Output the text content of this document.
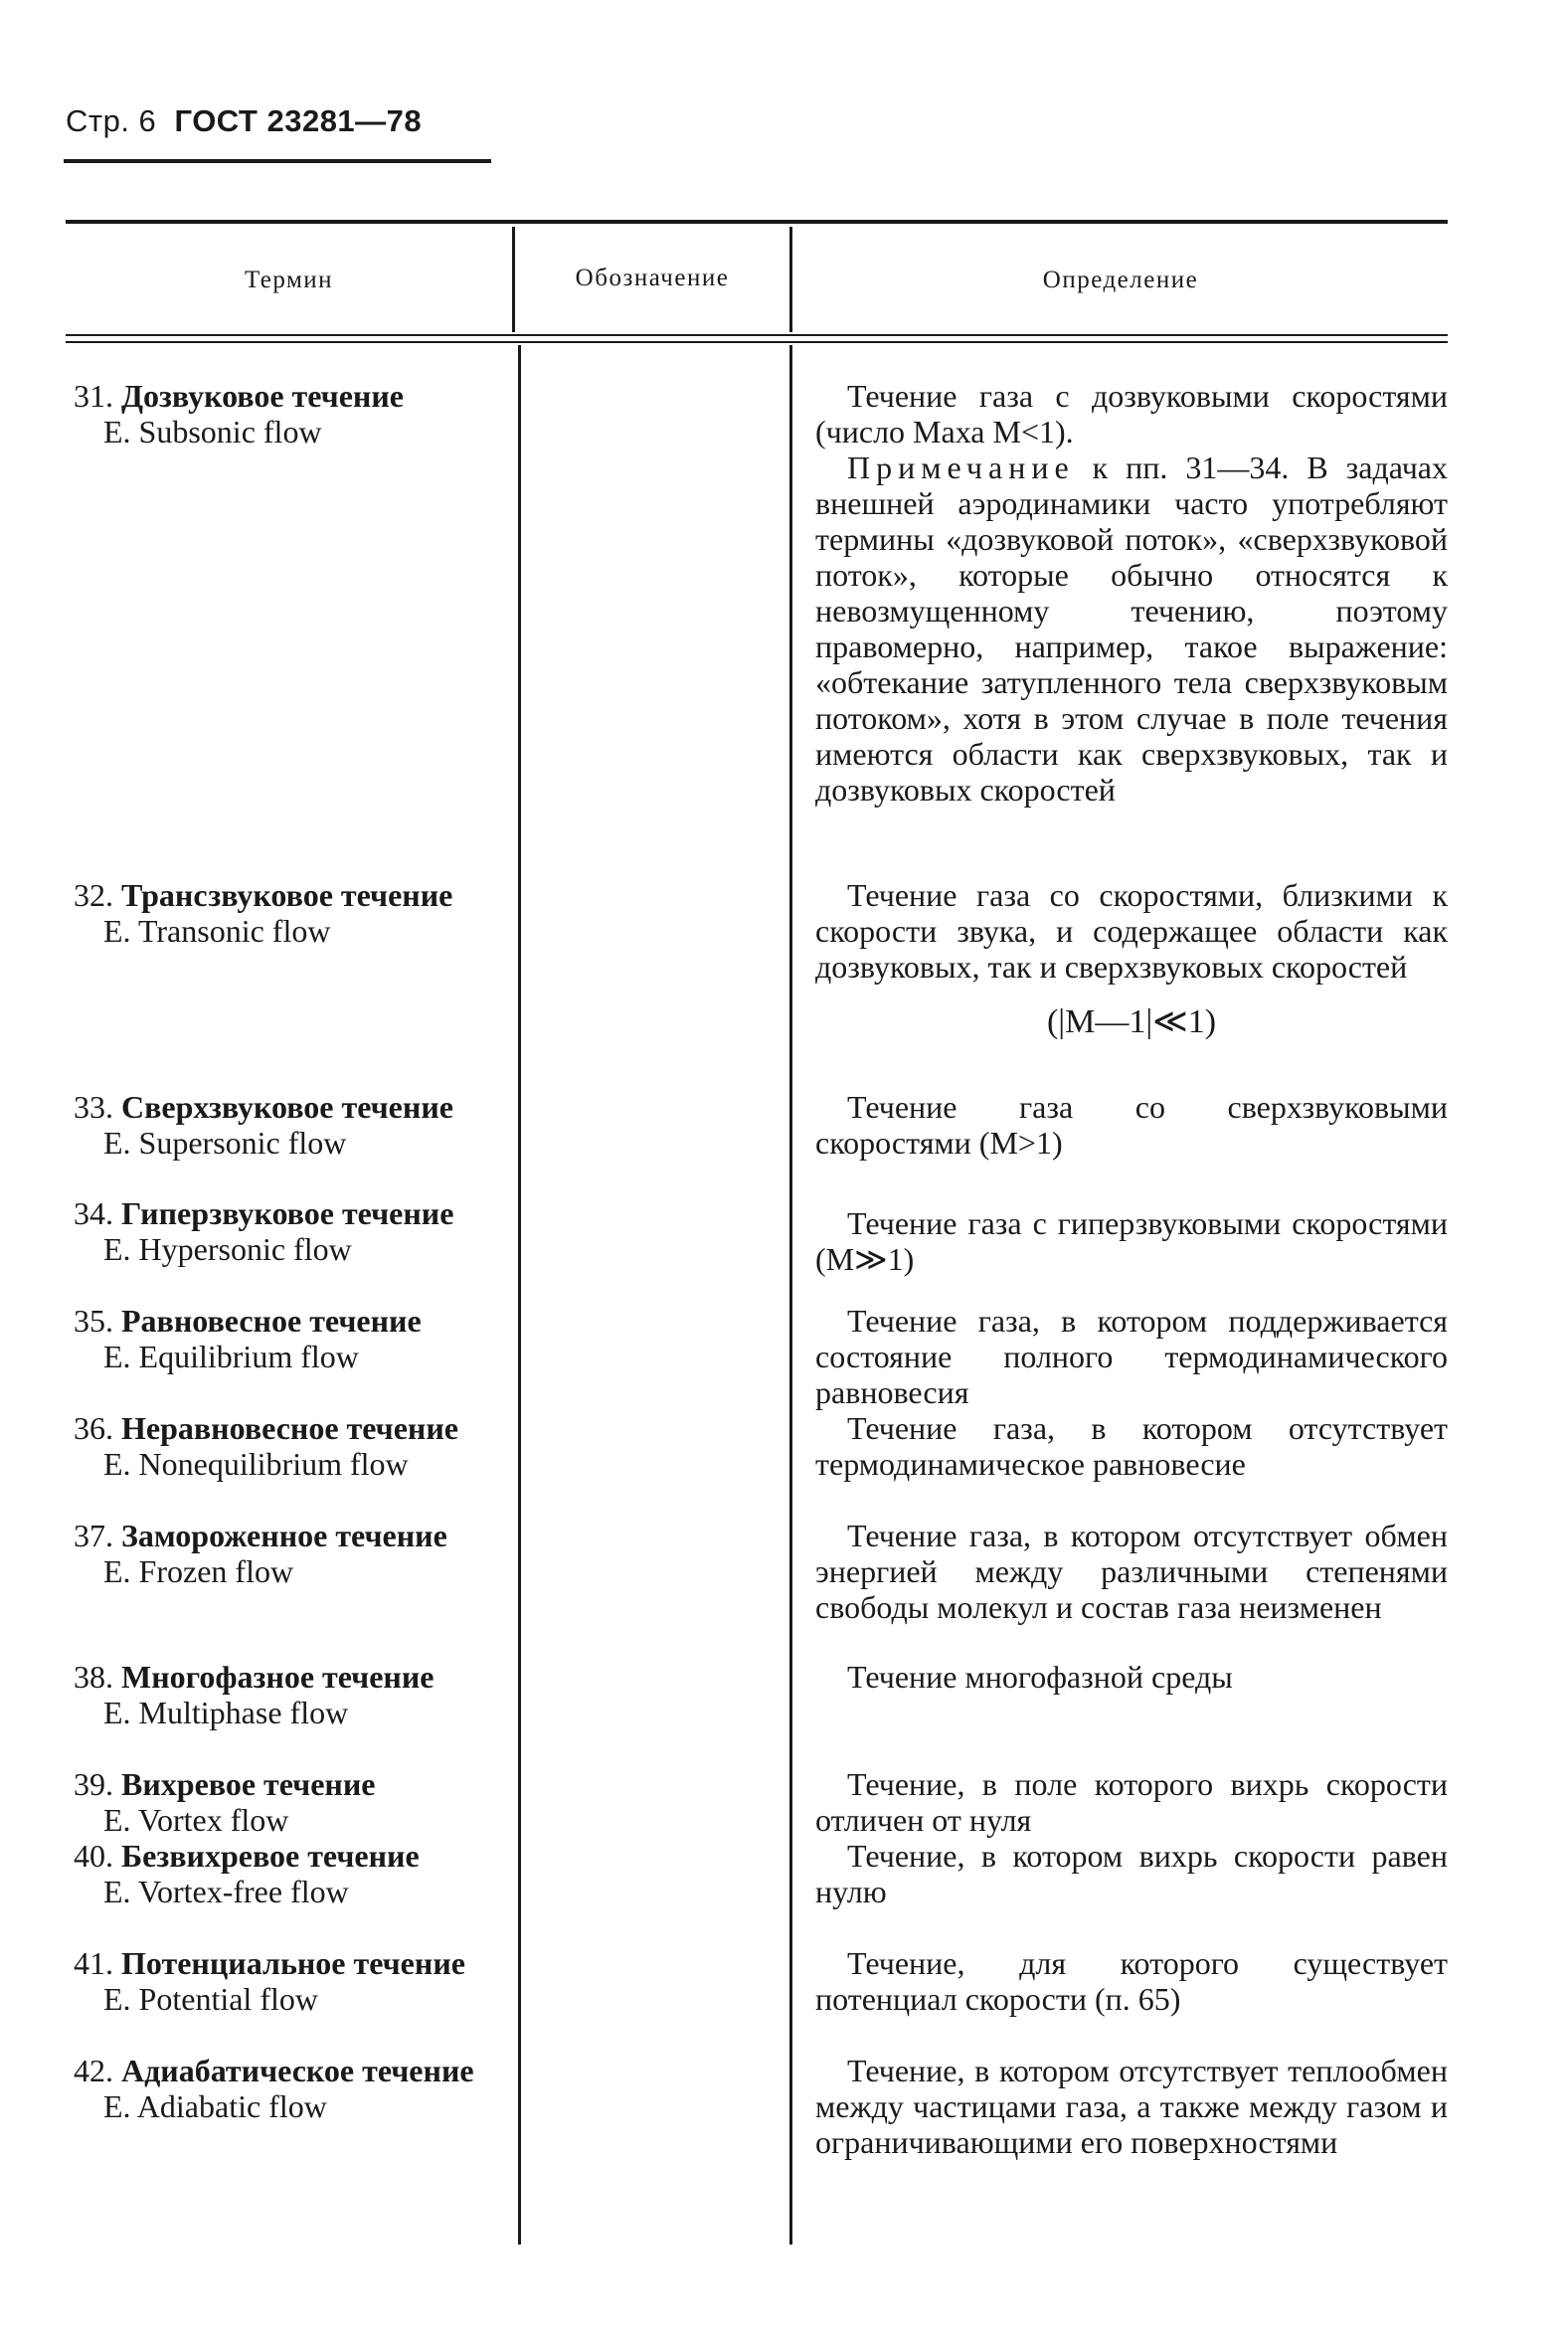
Стр. 6 ГОСТ 23281—78
Термин	Обозначение	Определение
31. Дозвуковое течение
E. Subsonic flow

Течение газа с дозвуковыми скоростями (число Маха M<1).

Примечание к пп. 31—34. В задачах внешней аэродинамики часто употребляют термины «дозвуковой поток», «сверхзвуковой поток», которые обычно относятся к невозмущенному течению, поэтому правомерно, например, такое выражение: «обтекание затупленного тела сверхзвуковым потоком», хотя в этом случае в поле течения имеются области как сверхзвуковых, так и дозвуковых скоростей

32. Трансзвуковое течение
E. Transonic flow

Течение газа со скоростями, близкими к скорости звука, и содержащее области как дозвуковых, так и сверхзвуковых скоростей

(|M—1|≪1)

33. Сверхзвуковое течение
E. Supersonic flow

Течение газа со сверхзвуковыми скоростями (M>1)

34. Гиперзвуковое течение
E. Hypersonic flow

Течение газа с гиперзвуковыми скоростями (M≫1)

35. Равновесное течение
E. Equilibrium flow

Течение газа, в котором поддерживается состояние полного термодинамического равновесия

36. Неравновесное течение
E. Nonequilibrium flow

Течение газа, в котором отсутствует термодинамическое равновесие

37. Замороженное течение
E. Frozen flow

Течение газа, в котором отсутствует обмен энергией между различными степенями свободы молекул и состав газа неизменен

38. Многофазное течение
E. Multiphase flow

Течение многофазной среды

39. Вихревое течение
E. Vortex flow

Течение, в поле которого вихрь скорости отличен от нуля

40. Безвихревое течение
E. Vortex-free flow

Течение, в котором вихрь скорости равен нулю

41. Потенциальное течение
E. Potential flow

Течение, для которого существует потенциал скорости (п. 65)

42. Адиабатическое течение
E. Adiabatic flow

Течение, в котором отсутствует теплообмен между частицами газа, а также между газом и ограничивающими его поверхностями
